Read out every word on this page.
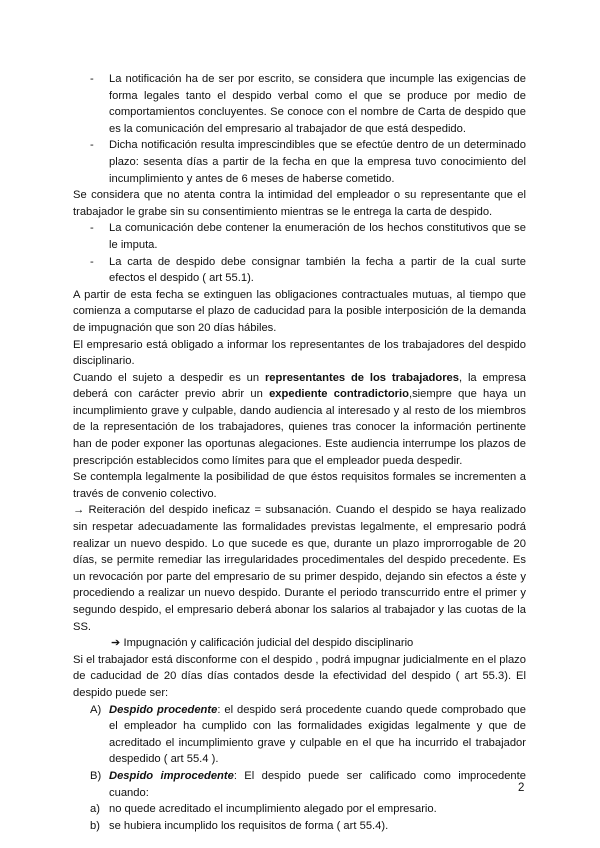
-	La notificación ha de ser por escrito, se considera que incumple las exigencias de forma legales tanto el despido verbal como el que se produce por medio de comportamientos concluyentes. Se conoce con el nombre de Carta de despido que es la comunicación del empresario al trabajador de que está despedido.
-	Dicha notificación resulta imprescindibles que se efectúe dentro de un determinado plazo: sesenta días a partir de la fecha en que la empresa tuvo conocimiento del incumplimiento y antes de 6 meses de haberse cometido.

Se considera que no atenta contra la intimidad del empleador o su representante que el trabajador le grabe sin su consentimiento mientras se le entrega la carta de despido.

-	La comunicación debe contener la enumeración de los hechos constitutivos que se le imputa.
-	La carta de despido debe consignar también la fecha a partir de la cual surte efectos el despido ( art 55.1).

A partir de esta fecha se extinguen las obligaciones contractuales mutuas, al tiempo que comienza a computarse el plazo de caducidad para la posible interposición de la demanda de impugnación que son 20 días hábiles.

El empresario está obligado a informar los representantes de los trabajadores del despido disciplinario.

Cuando el sujeto a despedir es un representantes de los trabajadores, la empresa deberá con carácter previo abrir un expediente contradictorio,siempre que haya un incumplimiento grave y culpable, dando audiencia al interesado y al resto de los miembros de la representación de los trabajadores, quienes tras conocer la información pertinente han de poder exponer las oportunas alegaciones. Este audiencia interrumpe los plazos de prescripción establecidos como límites para que el empleador pueda despedir.

Se contempla legalmente la posibilidad de que éstos requisitos formales se incrementen a través de convenio colectivo.

→ Reiteración del despido ineficaz = subsanación. Cuando el despido se haya realizado sin respetar adecuadamente las formalidades previstas legalmente, el empresario podrá realizar un nuevo despido. Lo que sucede es que, durante un plazo improrrogable de 20 días, se permite remediar las irregularidades procedimentales del despido precedente. Es un revocación por parte del empresario de su primer despido, dejando sin efectos a éste y procediendo a realizar un nuevo despido. Durante el periodo transcurrido entre el primer y segundo despido, el empresario deberá abonar los salarios al trabajador y las cuotas de la SS.

➔ Impugnación y calificación judicial del despido disciplinario

Si el trabajador está disconforme con el despido , podrá impugnar judicialmente en el plazo de caducidad de 20 días días contados desde la efectividad del despido ( art 55.3). El despido puede ser:

A) Despido procedente: el despido será procedente cuando quede comprobado que el empleador ha cumplido con las formalidades exigidas legalmente y que de acreditado el incumplimiento grave y culpable en el que ha incurrido el trabajador despedido ( art 55.4 ).
B) Despido improcedente: El despido puede ser calificado como improcedente cuando:
a) no quede acreditado el incumplimiento alegado por el empresario.
b) se hubiera incumplido los requisitos de forma ( art 55.4).
2
